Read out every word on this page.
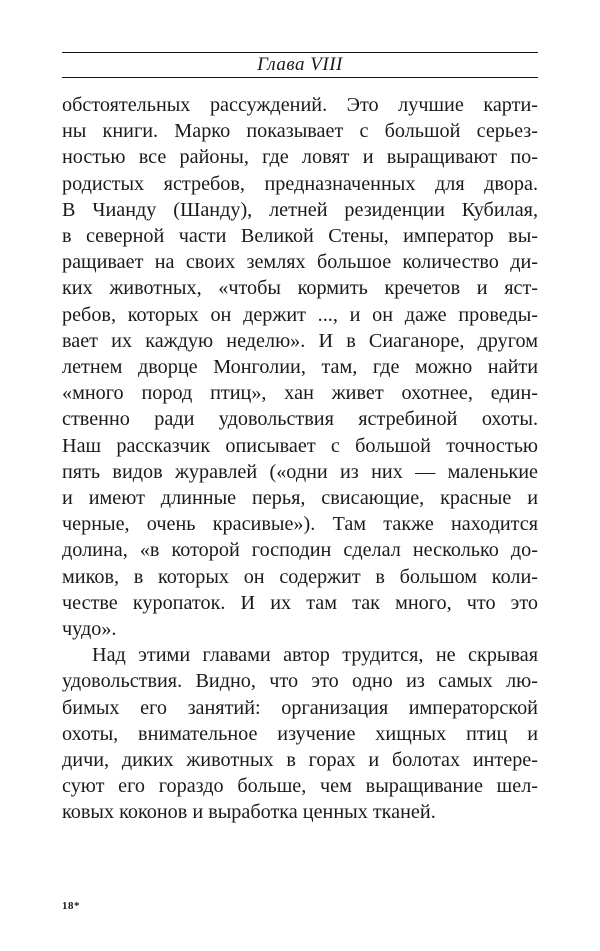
Глава VIII
обстоятельных рассуждений. Это лучшие карти-
ны книги. Марко показывает с большой серьез-
ностью все районы, где ловят и выращивают по-
родистых ястребов, предназначенных для двора.
В Чианду (Шанду), летней резиденции Кубилая,
в северной части Великой Стены, император вы-
ращивает на своих землях большое количество ди-
ких животных, «чтобы кормить кречетов и яст-
ребов, которых он держит ..., и он даже проведы-
вает их каждую неделю». И в Сиаганоре, другом
летнем дворце Монголии, там, где можно найти
«много пород птиц», хан живет охотнее, един-
ственно ради удовольствия ястребиной охоты.
Наш рассказчик описывает с большой точностью
пять видов журавлей («одни из них — маленькие
и имеют длинные перья, свисающие, красные и
черные, очень красивые»). Там также находится
долина, «в которой господин сделал несколько до-
миков, в которых он содержит в большом коли-
честве куропаток. И их там так много, что это
чудо».
Над этими главами автор трудится, не скрывая
удовольствия. Видно, что это одно из самых лю-
бимых его занятий: организация императорской
охоты, внимательное изучение хищных птиц и
дичи, диких животных в горах и болотах интере-
суют его гораздо больше, чем выращивание шел-
ковых коконов и выработка ценных тканей.
18*
